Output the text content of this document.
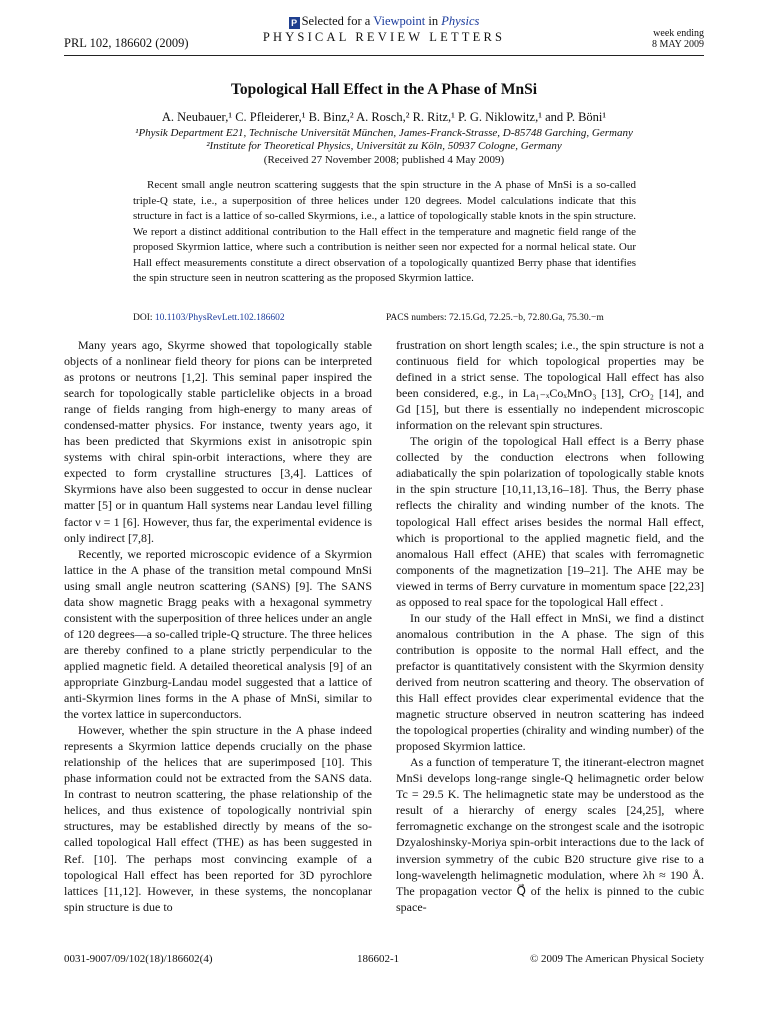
PRL 102, 186602 (2009)
P Selected for a Viewpoint in Physics
PHYSICAL REVIEW LETTERS	week ending
8 MAY 2009
Topological Hall Effect in the A Phase of MnSi
A. Neubauer,¹ C. Pfleiderer,¹ B. Binz,² A. Rosch,² R. Ritz,¹ P. G. Niklowitz,¹ and P. Böni¹
¹Physik Department E21, Technische Universität München, James-Franck-Strasse, D-85748 Garching, Germany
²Institute for Theoretical Physics, Universität zu Köln, 50937 Cologne, Germany
(Received 27 November 2008; published 4 May 2009)
Recent small angle neutron scattering suggests that the spin structure in the A phase of MnSi is a so-called triple-Q state, i.e., a superposition of three helices under 120 degrees. Model calculations indicate that this structure in fact is a lattice of so-called Skyrmions, i.e., a lattice of topologically stable knots in the spin structure. We report a distinct additional contribution to the Hall effect in the temperature and magnetic field range of the proposed Skyrmion lattice, where such a contribution is neither seen nor expected for a normal helical state. Our Hall effect measurements constitute a direct observation of a topologically quantized Berry phase that identifies the spin structure seen in neutron scattering as the proposed Skyrmion lattice.
DOI: 10.1103/PhysRevLett.102.186602	PACS numbers: 72.15.Gd, 72.25.−b, 72.80.Ga, 75.30.−m

Many years ago, Skyrme showed that topologically stable objects of a nonlinear field theory for pions can be interpreted as protons or neutrons [1,2]. This seminal paper inspired the search for topologically stable particlelike objects in a broad range of fields ranging from high-energy to many areas of condensed-matter physics. For instance, twenty years ago, it has been predicted that Skyrmions exist in anisotropic spin systems with chiral spin-orbit interactions, where they are expected to form crystalline structures [3,4]. Lattices of Skyrmions have also been suggested to occur in dense nuclear matter [5] or in quantum Hall systems near Landau level filling factor ν = 1 [6]. However, thus far, the experimental evidence is only indirect [7,8].

Recently, we reported microscopic evidence of a Skyrmion lattice in the A phase of the transition metal compound MnSi using small angle neutron scattering (SANS) [9]. The SANS data show magnetic Bragg peaks with a hexagonal symmetry consistent with the superposition of three helices under an angle of 120 degrees—a so-called triple-Q structure. The three helices are thereby confined to a plane strictly perpendicular to the applied magnetic field. A detailed theoretical analysis [9] of an appropriate Ginzburg-Landau model suggested that a lattice of anti-Skyrmion lines forms in the A phase of MnSi, similar to the vortex lattice in superconductors.

However, whether the spin structure in the A phase indeed represents a Skyrmion lattice depends crucially on the phase relationship of the helices that are superimposed [10]. This phase information could not be extracted from the SANS data. In contrast to neutron scattering, the phase relationship of the helices, and thus existence of topologically nontrivial spin structures, may be established directly by means of the so-called topological Hall effect (THE) as has been suggested in Ref. [10]. The perhaps most convincing example of a topological Hall effect has been reported for 3D pyrochlore lattices [11,12]. However, in these systems, the noncoplanar spin structure is due to

frustration on short length scales; i.e., the spin structure is not a continuous field for which topological properties may be defined in a strict sense. The topological Hall effect has also been considered, e.g., in La₁₋ₓCoₓMnO₃ [13], CrO₂ [14], and Gd [15], but there is essentially no independent microscopic information on the relevant spin structures.

The origin of the topological Hall effect is a Berry phase collected by the conduction electrons when following adiabatically the spin polarization of topologically stable knots in the spin structure [10,11,13,16–18]. Thus, the Berry phase reflects the chirality and winding number of the knots. The topological Hall effect arises besides the normal Hall effect, which is proportional to the applied magnetic field, and the anomalous Hall effect (AHE) that scales with ferromagnetic components of the magnetization [19–21]. The AHE may be viewed in terms of Berry curvature in momentum space [22,23] as opposed to real space for the topological Hall effect .

In our study of the Hall effect in MnSi, we find a distinct anomalous contribution in the A phase. The sign of this contribution is opposite to the normal Hall effect, and the prefactor is quantitatively consistent with the Skyrmion density derived from neutron scattering and theory. The observation of this Hall effect provides clear experimental evidence that the magnetic structure observed in neutron scattering has indeed the topological properties (chirality and winding number) of the proposed Skyrmion lattice.

As a function of temperature T, the itinerant-electron magnet MnSi develops long-range single-Q helimagnetic order below Tc = 29.5 K. The helimagnetic state may be understood as the result of a hierarchy of energy scales [24,25], where ferromagnetic exchange on the strongest scale and the isotropic Dzyaloshinsky-Moriya spin-orbit interactions due to the lack of inversion symmetry of the cubic B20 structure give rise to a long-wavelength helimagnetic modulation, where λh ≈ 190 Å. The propagation vector Q⃗ of the helix is pinned to the cubic space-

0031-9007/09/102(18)/186602(4)	186602-1	© 2009 The American Physical Society
